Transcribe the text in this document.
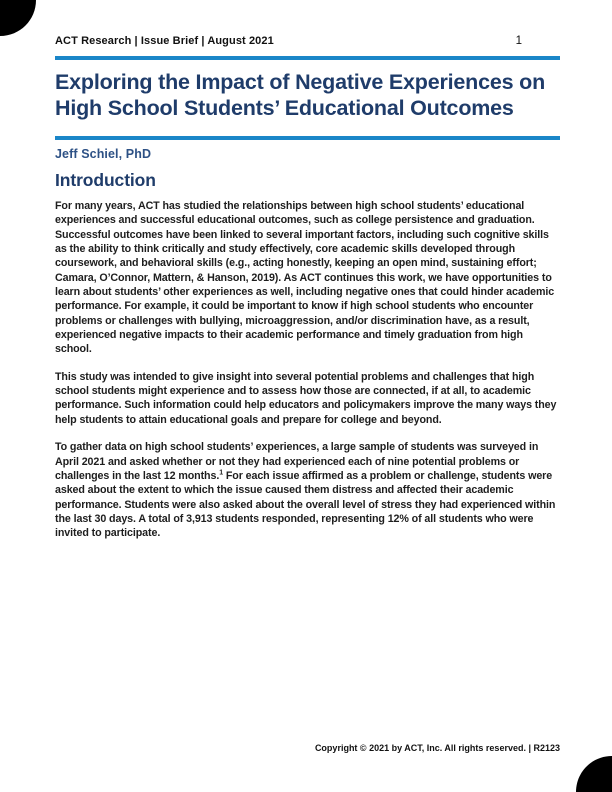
ACT Research | Issue Brief | August 2021	1
Exploring the Impact of Negative Experiences on High School Students’ Educational Outcomes
Jeff Schiel, PhD
Introduction

For many years, ACT has studied the relationships between high school students’ educational experiences and successful educational outcomes, such as college persistence and graduation. Successful outcomes have been linked to several important factors, including such cognitive skills as the ability to think critically and study effectively, core academic skills developed through coursework, and behavioral skills (e.g., acting honestly, keeping an open mind, sustaining effort; Camara, O’Connor, Mattern, & Hanson, 2019). As ACT continues this work, we have opportunities to learn about students’ other experiences as well, including negative ones that could hinder academic performance. For example, it could be important to know if high school students who encounter problems or challenges with bullying, microaggression, and/or discrimination have, as a result, experienced negative impacts to their academic performance and timely graduation from high school.

This study was intended to give insight into several potential problems and challenges that high school students might experience and to assess how those are connected, if at all, to academic performance. Such information could help educators and policymakers improve the many ways they help students to attain educational goals and prepare for college and beyond.

To gather data on high school students’ experiences, a large sample of students was surveyed in April 2021 and asked whether or not they had experienced each of nine potential problems or challenges in the last 12 months.$^1$ For each issue affirmed as a problem or challenge, students were asked about the extent to which the issue caused them distress and affected their academic performance. Students were also asked about the overall level of stress they had experienced within the last 30 days. A total of 3,913 students responded, representing 12% of all students who were invited to participate.

Copyright © 2021 by ACT, Inc. All rights reserved. | R2123
